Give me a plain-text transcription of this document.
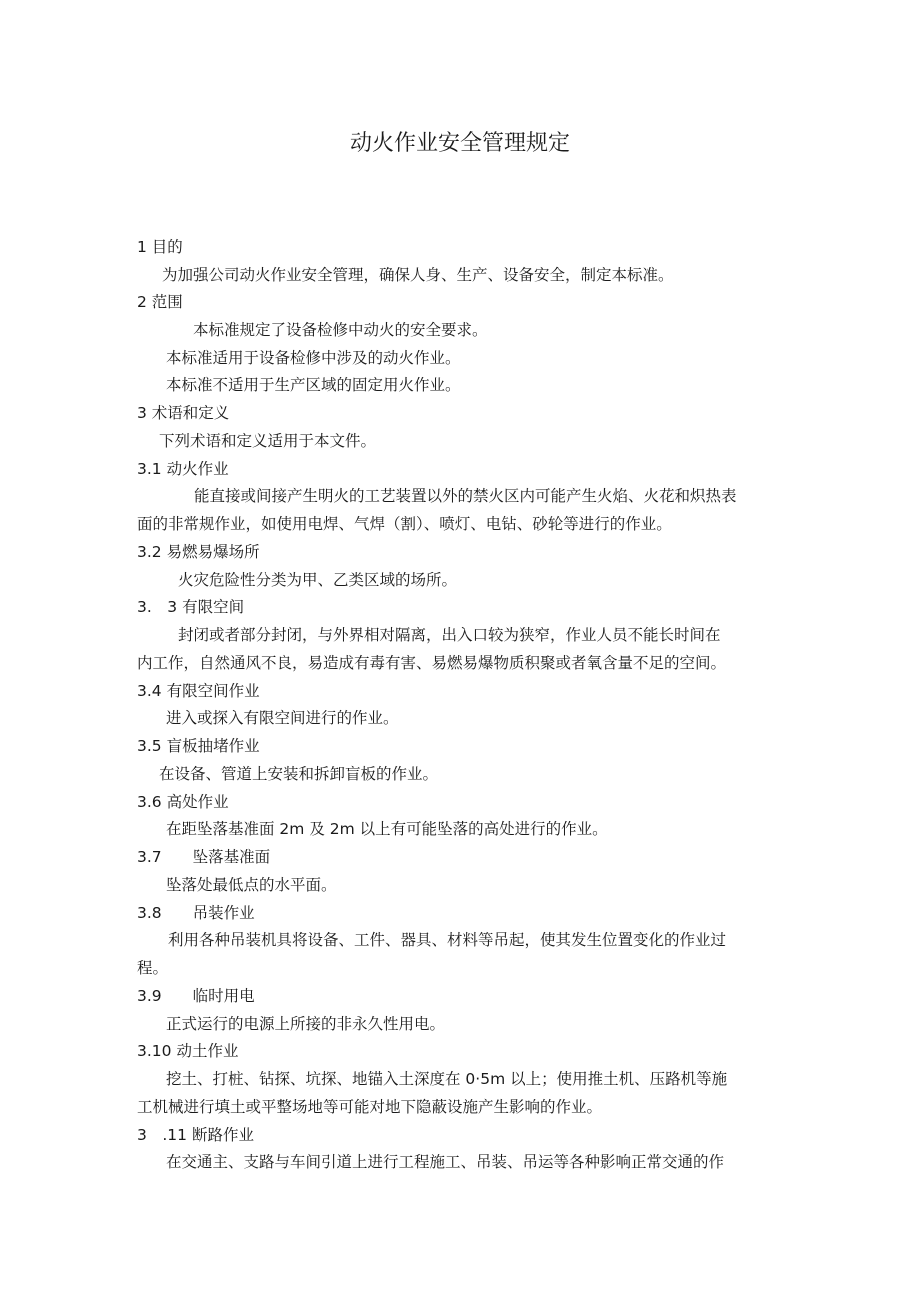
动火作业安全管理规定
1 目的
为加强公司动火作业安全管理，确保人身、生产、设备安全，制定本标准。
2 范围
本标准规定了设备检修中动火的安全要求。
本标准适用于设备检修中涉及的动火作业。
本标准不适用于生产区域的固定用火作业。
3 术语和定义
下列术语和定义适用于本文件。
3.1 动火作业
能直接或间接产生明火的工艺装置以外的禁火区内可能产生火焰、火花和炽热表
面的非常规作业，如使用电焊、气焊（割）、喷灯、电钻、砂轮等进行的作业。
3.2 易燃易爆场所
火灾危险性分类为甲、乙类区域的场所。
3.　3 有限空间
封闭或者部分封闭，与外界相对隔离，出入口较为狭窄，作业人员不能长时间在
内工作，自然通风不良，易造成有毒有害、易燃易爆物质积聚或者氧含量不足的空间。
3.4 有限空间作业
进入或探入有限空间进行的作业。
3.5 盲板抽堵作业
在设备、管道上安装和拆卸盲板的作业。
3.6 高处作业
在距坠落基准面 2m 及 2m 以上有可能坠落的高处进行的作业。
3.7　　坠落基准面
坠落处最低点的水平面。
3.8　　吊装作业
利用各种吊装机具将设备、工件、器具、材料等吊起，使其发生位置变化的作业过
程。
3.9　　临时用电
正式运行的电源上所接的非永久性用电。
3.10 动土作业
挖土、打桩、钻探、坑探、地锚入土深度在 0·5m 以上；使用推土机、压路机等施
工机械进行填土或平整场地等可能对地下隐蔽设施产生影响的作业。
3　.11 断路作业
在交通主、支路与车间引道上进行工程施工、吊装、吊运等各种影响正常交通的作
